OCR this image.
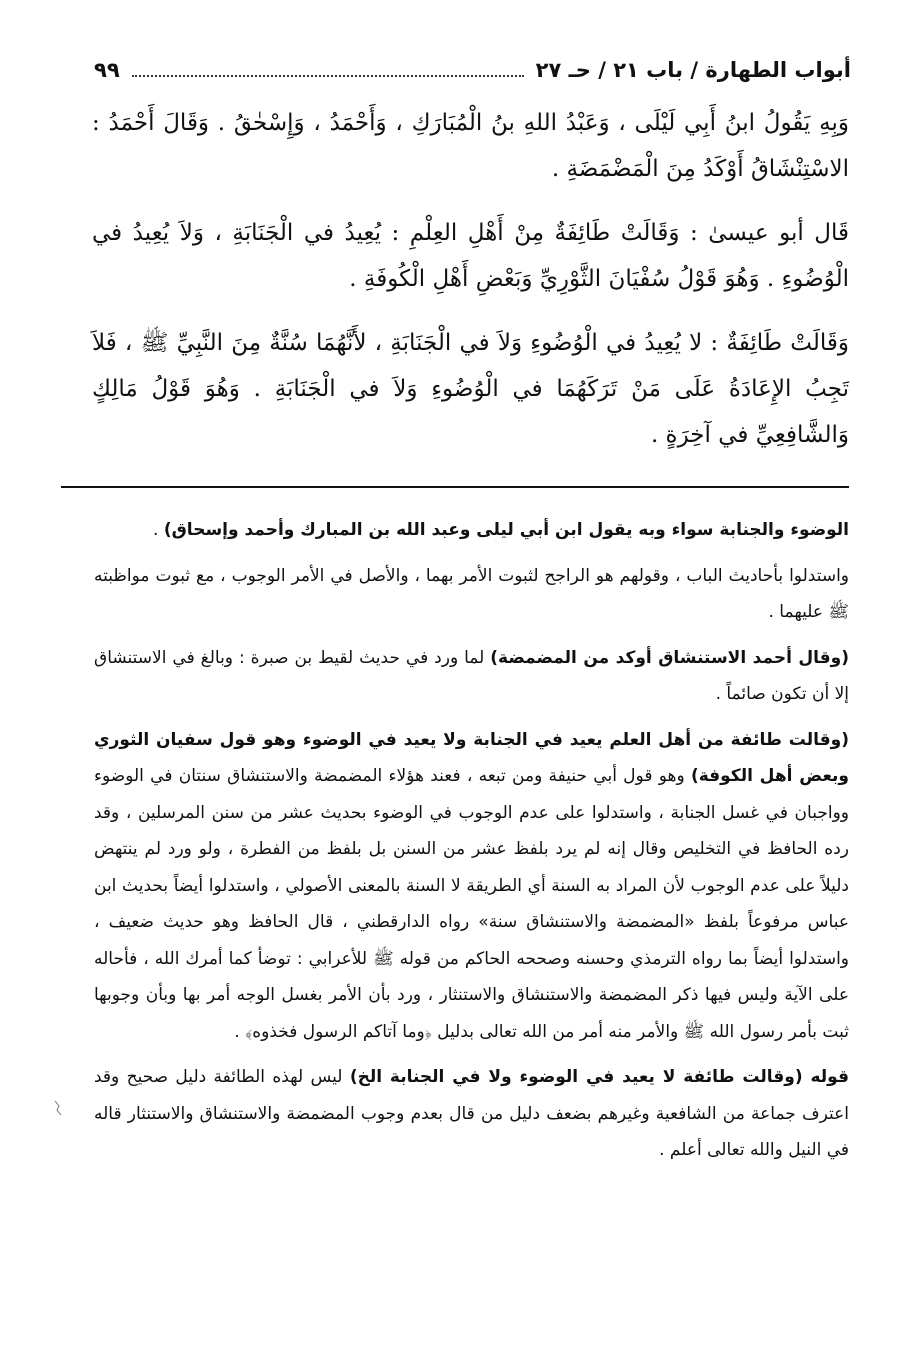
أبواب الطهارة / باب ٢١ / حـ ٢٧
٩٩

وَبِهِ يَقُولُ ابنُ أَبِي لَيْلَى ، وَعَبْدُ اللهِ بنُ الْمُبَارَكِ ، وَأَحْمَدُ ، وَإِسْحٰقُ . وَقَالَ أَحْمَدُ : الاسْتِنْشَاقُ أَوْكَدُ مِنَ الْمَضْمَضَةِ .

قَال أبو عيسىٰ : وَقَالَتْ طَائِفَةٌ مِنْ أَهْلِ العِلْمِ : يُعِيدُ في الْجَنَابَةِ ، وَلاَ يُعِيدُ في الْوُضُوءِ . وَهُوَ قَوْلُ سُفْيَانَ الثَّوْرِيِّ وَبَعْضِ أَهْلِ الْكُوفَةِ .

وَقَالَتْ طَائِفَةٌ : لا يُعِيدُ في الْوُضُوءِ وَلاَ في الْجَنَابَةِ ، لأَنَّهُمَا سُنَّةٌ مِنَ النَّبِيِّ ﷺ ، فَلاَ تَجِبُ الإِعَادَةُ عَلَى مَنْ تَرَكَهُمَا في الْوُضُوءِ وَلاَ في الْجَنَابَةِ . وَهُوَ قَوْلُ مَالِكٍ وَالشَّافِعِيِّ في آخِرَةٍ .

الوضوء والجنابة سواء وبه يقول ابن أبي ليلى وعبد الله بن المبارك وأحمد وإسحاق) .

واستدلوا بأحاديث الباب ، وقولهم هو الراجح لثبوت الأمر بهما ، والأصل في الأمر الوجوب ، مع ثبوت مواظبته ﷺ عليهما .

(وقال أحمد الاستنشاق أوكد من المضمضة) لما ورد في حديث لقيط بن صبرة : وبالغ في الاستنشاق إلا أن تكون صائماً .

(وقالت طائفة من أهل العلم يعيد في الجنابة ولا يعيد في الوضوء وهو قول سفيان الثوري وبعض أهل الكوفة) وهو قول أبي حنيفة ومن تبعه ، فعند هؤلاء المضمضة والاستنشاق سنتان في الوضوء وواجبان في غسل الجنابة ، واستدلوا على عدم الوجوب في الوضوء بحديث عشر من سنن المرسلين ، وقد رده الحافظ في التخليص وقال إنه لم يرد بلفظ عشر من السنن بل بلفظ من الفطرة ، ولو ورد لم ينتهض دليلاً على عدم الوجوب لأن المراد به السنة أي الطريقة لا السنة بالمعنى الأصولي ، واستدلوا أيضاً بحديث ابن عباس مرفوعاً بلفظ «المضمضة والاستنشاق سنة» رواه الدارقطني ، قال الحافظ وهو حديث ضعيف ، واستدلوا أيضاً بما رواه الترمذي وحسنه وصححه الحاكم من قوله ﷺ للأعرابي : توضأ كما أمرك الله ، فأحاله على الآية وليس فيها ذكر المضمضة والاستنشاق والاستنثار ، ورد بأن الأمر بغسل الوجه أمر بها وبأن وجوبها ثبت بأمر رسول الله ﷺ والأمر منه أمر من الله تعالى بدليل ﴿وما آتاكم الرسول فخذوه﴾ .

قوله (وقالت طائفة لا يعيد في الوضوء ولا في الجنابة الخ) ليس لهذه الطائفة دليل صحيح وقد اعترف جماعة من الشافعية وغيرهم بضعف دليل من قال بعدم وجوب المضمضة والاستنشاق والاستنثار قاله في النيل والله تعالى أعلم .
